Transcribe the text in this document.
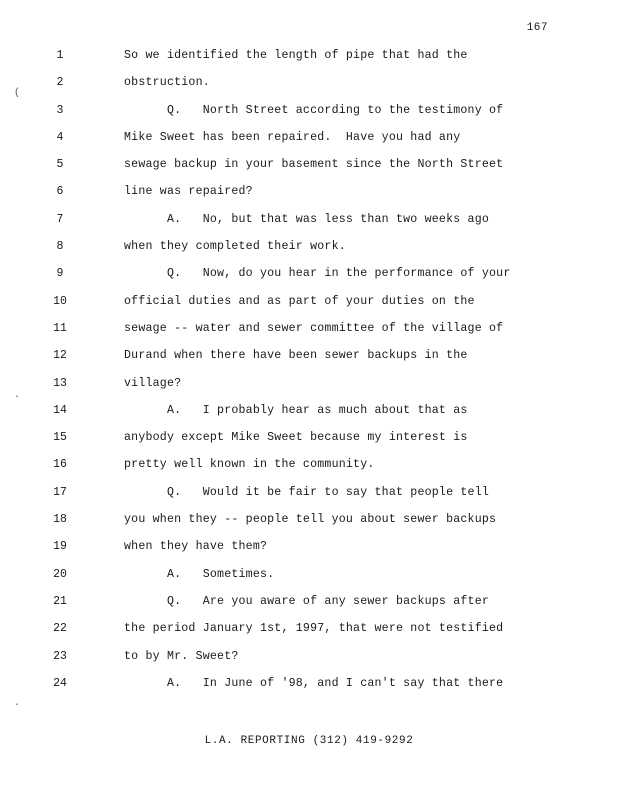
167
(
·
·
1	So we identified the length of pipe that had the
2	obstruction.
3	Q.   North Street according to the testimony of
4	Mike Sweet has been repaired.  Have you had any
5	sewage backup in your basement since the North Street
6	line was repaired?
7	A.   No, but that was less than two weeks ago
8	when they completed their work.
9	Q.   Now, do you hear in the performance of your
10	official duties and as part of your duties on the
11	sewage -- water and sewer committee of the village of
12	Durand when there have been sewer backups in the
13	village?
14	A.   I probably hear as much about that as
15	anybody except Mike Sweet because my interest is
16	pretty well known in the community.
17	Q.   Would it be fair to say that people tell
18	you when they -- people tell you about sewer backups
19	when they have them?
20	A.   Sometimes.
21	Q.   Are you aware of any sewer backups after
22	the period January 1st, 1997, that were not testified
23	to by Mr. Sweet?
24	A.   In June of '98, and I can't say that there
L.A. REPORTING (312) 419-9292
